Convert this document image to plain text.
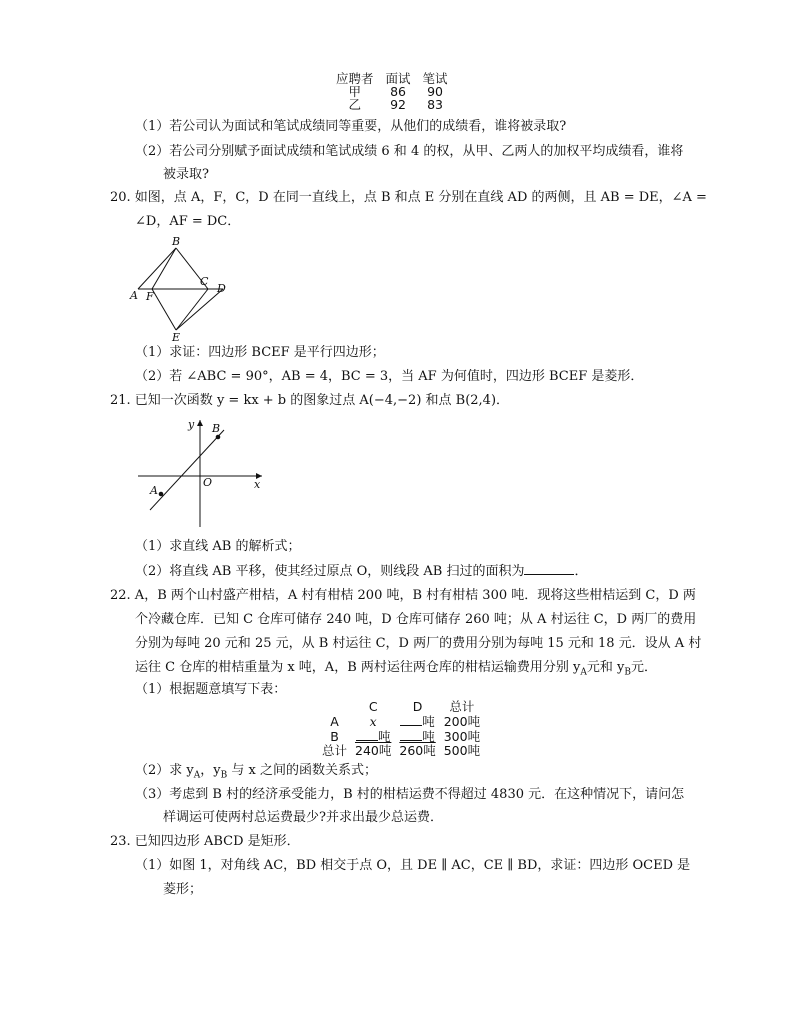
应聘者	面试	笔试
甲	86	90
乙	92	83
（1）若公司认为面试和笔试成绩同等重要，从他们的成绩看，谁将被录取?
（2）若公司分别赋予面试成绩和笔试成绩 6 和 4 的权，从甲、乙两人的加权平均成绩看，谁将
被录取?
20. 如图，点 A，F，C，D 在同一直线上，点 B 和点 E 分别在直线 AD 的两侧，且 AB = DE，∠A =
∠D，AF = DC．
B
C
D
A F
E
（1）求证：四边形 BCEF 是平行四边形；
（2）若 ∠ABC = 90°，AB = 4，BC = 3，当 AF 为何值时，四边形 BCEF 是菱形．
21. 已知一次函数 y = kx + b 的图象过点 A(−4,−2) 和点 B(2,4)．
y B
O	x
A
（1）求直线 AB 的解析式；
（2）将直线 AB 平移，使其经过原点 O，则线段 AB 扫过的面积为	．
22. A，B 两个山村盛产柑桔，A 村有柑桔 200 吨，B 村有柑桔 300 吨．现将这些柑桔运到 C，D 两
个冷藏仓库．已知 C 仓库可储存 240 吨，D 仓库可储存 260 吨；从 A 村运往 C，D 两厂的费用
分别为每吨 20 元和 25 元，从 B 村运往 C，D 两厂的费用分别为每吨 15 元和 18 元．设从 A 村
运往 C 仓库的柑桔重量为 x 吨，A，B 两村运往两仓库的柑桔运输费用分别 $y_A$元和 $y_B$元．
（1）根据题意填写下表：
	C	D	总计
A	x	吨	200吨
B	吨	吨	300吨
总计	240吨	260吨	500吨
（2）求 $y_A$，$y_B$ 与 x 之间的函数关系式；
（3）考虑到 B 村的经济承受能力，B 村的柑桔运费不得超过 4830 元．在这种情况下，请问怎
样调运可使两村总运费最少?并求出最少总运费．
23. 已知四边形 ABCD 是矩形．
（1）如图 1，对角线 AC，BD 相交于点 O，且 DE ∥ AC，CE ∥ BD，求证：四边形 OCED 是
菱形；
